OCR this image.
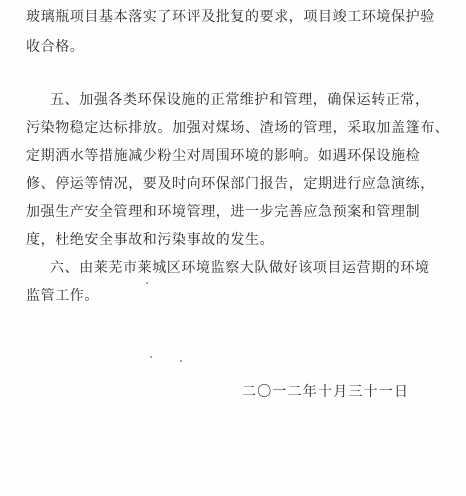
玻璃瓶项目基本落实了环评及批复的要求，项目竣工环境保护验
收合格。
五、加强各类环保设施的正常维护和管理，确保运转正常，
污染物稳定达标排放。加强对煤场、渣场的管理，采取加盖篷布、
定期洒水等措施减少粉尘对周围环境的影响。如遇环保设施检
修、停运等情况，要及时向环保部门报告，定期进行应急演练，
加强生产安全管理和环境管理，进一步完善应急预案和管理制
度，杜绝安全事故和污染事故的发生。
六、由莱芜市莱城区环境监察大队做好该项目运营期的环境
监管工作。
二〇一二年十月三十一日
